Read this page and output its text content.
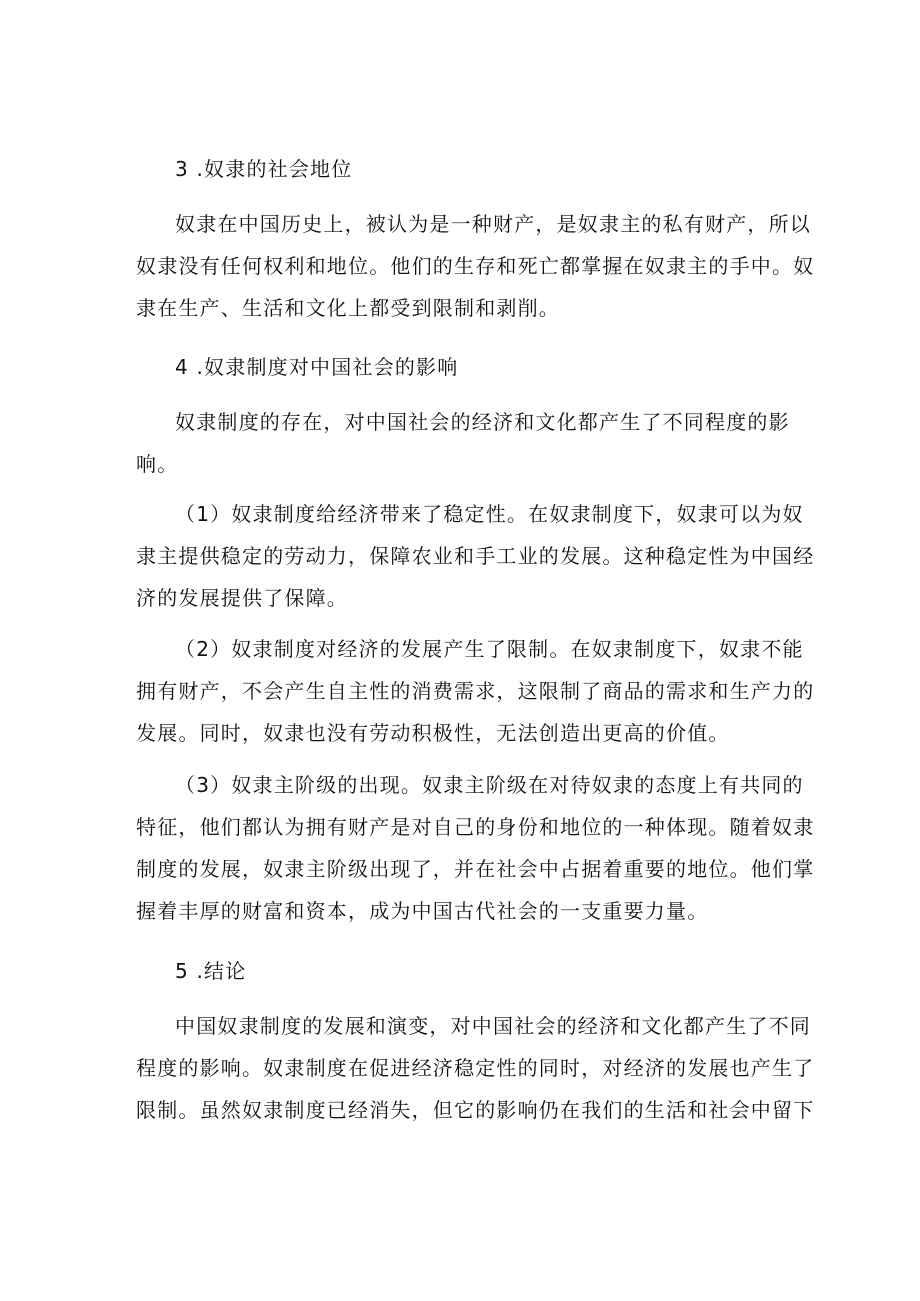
3 .奴隶的社会地位
奴隶在中国历史上，被认为是一种财产，是奴隶主的私有财产，所以
奴隶没有任何权利和地位。他们的生存和死亡都掌握在奴隶主的手中。奴
隶在生产、生活和文化上都受到限制和剥削。
4 .奴隶制度对中国社会的影响
奴隶制度的存在，对中国社会的经济和文化都产生了不同程度的影
响。
（1）奴隶制度给经济带来了稳定性。在奴隶制度下，奴隶可以为奴
隶主提供稳定的劳动力，保障农业和手工业的发展。这种稳定性为中国经
济的发展提供了保障。
（2）奴隶制度对经济的发展产生了限制。在奴隶制度下，奴隶不能
拥有财产，不会产生自主性的消费需求，这限制了商品的需求和生产力的
发展。同时，奴隶也没有劳动积极性，无法创造出更高的价值。
（3）奴隶主阶级的出现。奴隶主阶级在对待奴隶的态度上有共同的
特征，他们都认为拥有财产是对自己的身份和地位的一种体现。随着奴隶
制度的发展，奴隶主阶级出现了，并在社会中占据着重要的地位。他们掌
握着丰厚的财富和资本，成为中国古代社会的一支重要力量。
5 .结论
中国奴隶制度的发展和演变，对中国社会的经济和文化都产生了不同
程度的影响。奴隶制度在促进经济稳定性的同时，对经济的发展也产生了
限制。虽然奴隶制度已经消失，但它的影响仍在我们的生活和社会中留下
